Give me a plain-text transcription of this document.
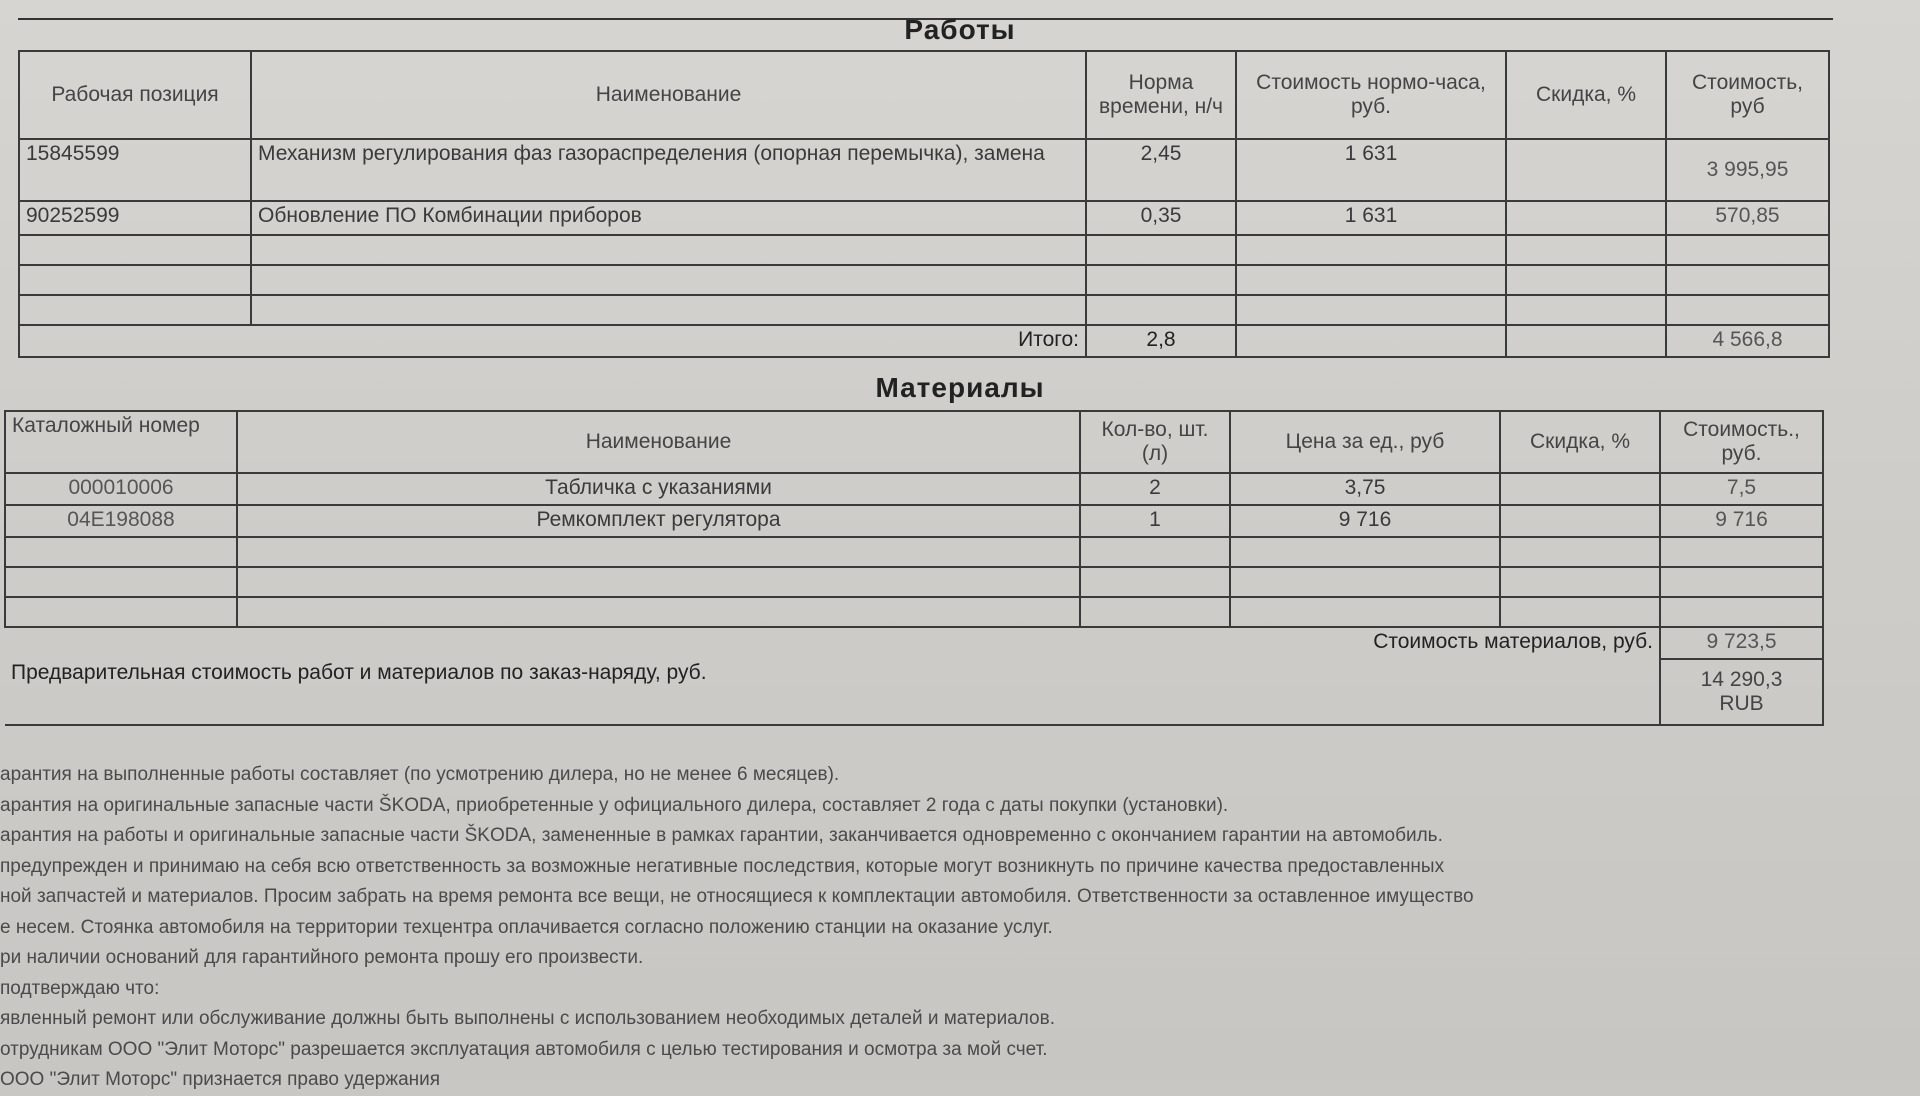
Работы
Рабочая позиция	Наименование	Норма времени, н/ч	Стоимость нормо-часа, руб.	Скидка, %	Стоимость, руб
15845599	Механизм регулирования фаз газораспределения (опорная перемычка), замена	2,45	1 631		3 995,95
90252599	Обновление ПО Комбинации приборов	0,35	1 631		570,85

Итого:		2,8			4 566,8
Материалы
Каталожный номер	Наименование	Кол-во, шт. (л)	Цена за ед., руб	Скидка, %	Стоимость., руб.
000010006	Табличка с указаниями	2	3,75		7,5
04E198088	Ремкомплект регулятора	1	9 716		9 716

Стоимость материалов, руб.					9 723,5
Предварительная стоимость работ и материалов по заказ-наряду, руб.					14 290,3
RUB
арантия на выполненные работы составляет (по усмотрению дилера, но не менее 6 месяцев).
арантия на оригинальные запасные части ŠKODA, приобретенные у официального дилера, составляет 2 года с даты покупки (установки).
арантия на работы и оригинальные запасные части ŠKODA, замененные в рамках гарантии, заканчивается одновременно с окончанием гарантии на автомобиль.
предупрежден и принимаю на себя всю ответственность за возможные негативные последствия, которые могут возникнуть по причине качества предоставленных
ной запчастей и материалов. Просим забрать на время ремонта все вещи, не относящиеся к комплектации автомобиля. Ответственности за оставленное имущество
е несем. Стоянка автомобиля на территории техцентра оплачивается согласно положению станции на оказание услуг.
ри наличии оснований для гарантийного ремонта прошу его произвести.
подтверждаю что:
явленный ремонт или обслуживание должны быть выполнены с использованием необходимых деталей и материалов.
отрудникам ООО "Элит Моторс" разрешается эксплуатация автомобиля с целью тестирования и осмотра за мой счет.
ООО "Элит Моторс" признается право удержания
